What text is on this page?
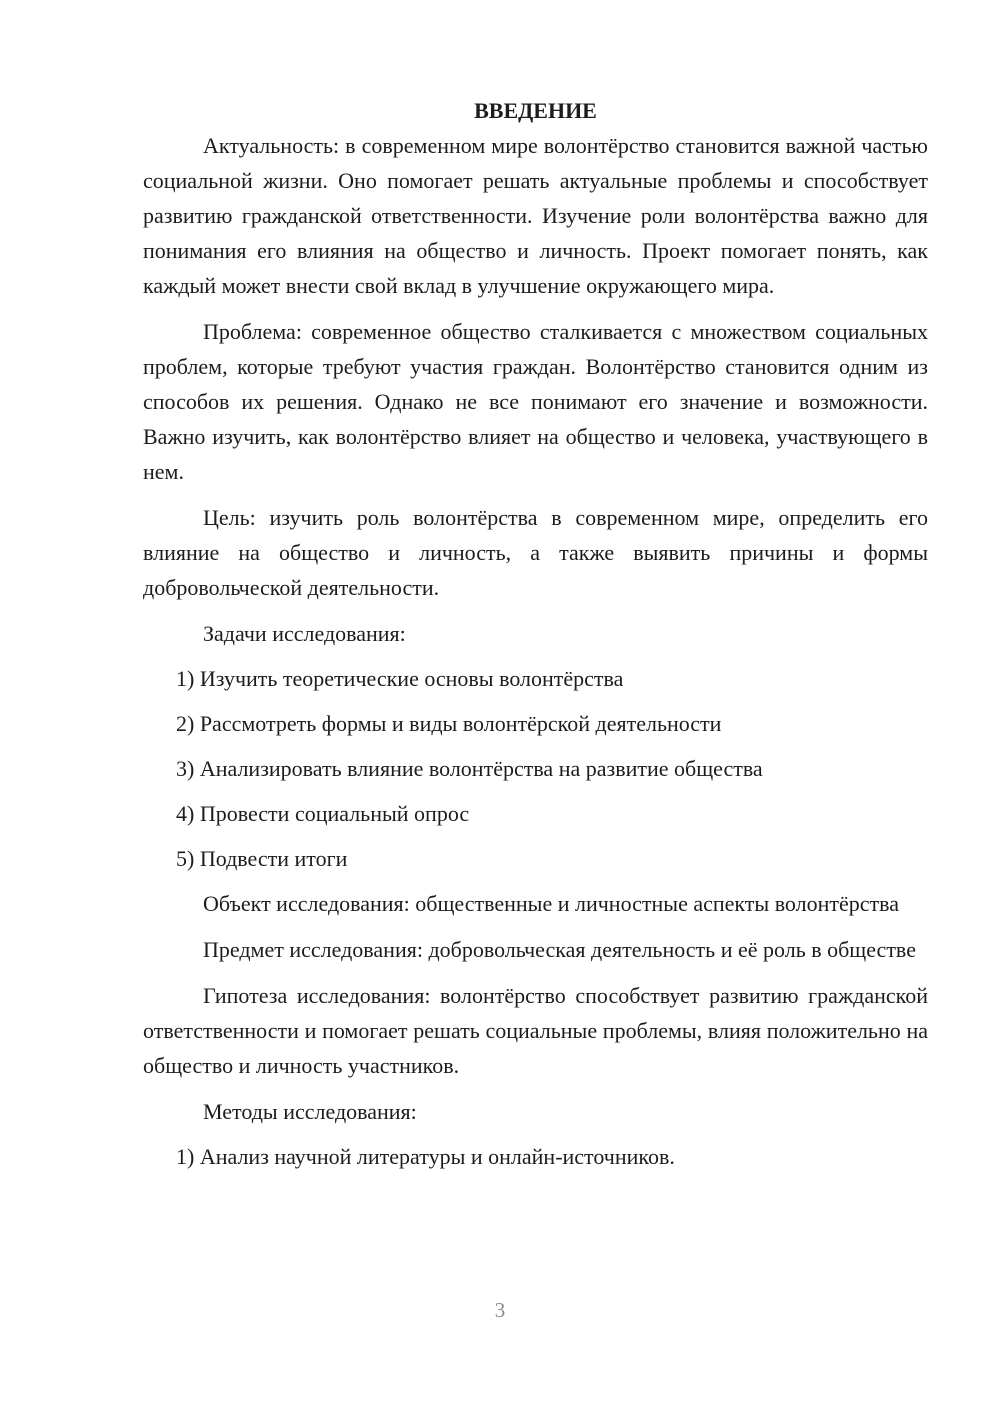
ВВЕДЕНИЕ

Актуальность: в современном мире волонтёрство становится важной частью социальной жизни. Оно помогает решать актуальные проблемы и способствует развитию гражданской ответственности. Изучение роли волонтёрства важно для понимания его влияния на общество и личность. Проект помогает понять, как каждый может внести свой вклад в улучшение окружающего мира.

Проблема: современное общество сталкивается с множеством социальных проблем, которые требуют участия граждан. Волонтёрство становится одним из способов их решения. Однако не все понимают его значение и возможности. Важно изучить, как волонтёрство влияет на общество и человека, участвующего в нем.

Цель: изучить роль волонтёрства в современном мире, определить его влияние на общество и личность, а также выявить причины и формы добровольческой деятельности.

Задачи исследования:

1) Изучить теоретические основы волонтёрства

2) Рассмотреть формы и виды волонтёрской деятельности

3) Анализировать влияние волонтёрства на развитие общества

4) Провести социальный опрос

5) Подвести итоги

Объект исследования: общественные и личностные аспекты волонтёрства

Предмет исследования: добровольческая деятельность и её роль в обществе

Гипотеза исследования: волонтёрство способствует развитию гражданской ответственности и помогает решать социальные проблемы, влияя положительно на общество и личность участников.

Методы исследования:

1) Анализ научной литературы и онлайн-источников.

3
